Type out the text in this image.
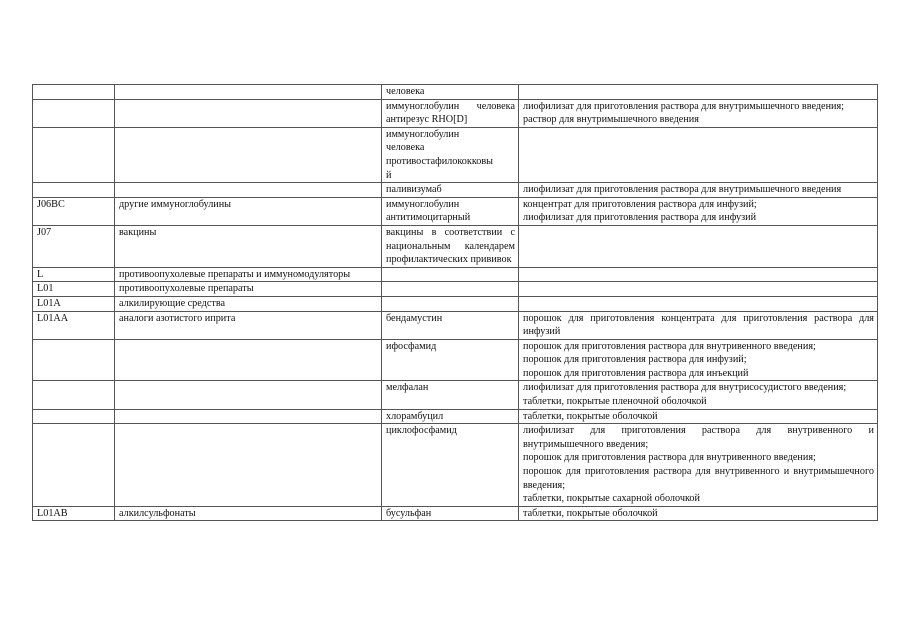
		человека	

		иммуноглобулин человека антирезус RHO[D]	лиофилизат для приготовления раствора для внутримышечного введения;
раствор для внутримышечного введения

		иммуноглобулин
человека
противостафилококковы
й	

		паливизумаб	лиофилизат для приготовления раствора для внутримышечного введения

J06BC	другие иммуноглобулины	иммуноглобулин
антитимоцитарный	концентрат для приготовления раствора для инфузий;
лиофилизат для приготовления раствора для инфузий

J07	вакцины	вакцины в соответствии с национальным календарем профилактических прививок	

L	противоопухолевые препараты и иммуномодуляторы		
L01	противоопухолевые препараты		
L01A	алкилирующие средства		
L01AA	аналоги азотистого иприта	бендамустин	порошок для приготовления концентрата для приготовления раствора для инфузий

		ифосфамид	порошок для приготовления раствора для внутривенного введения;
порошок для приготовления раствора для инфузий;
порошок для приготовления раствора для инъекций

		мелфалан	лиофилизат для приготовления раствора для внутрисосудистого введения;
таблетки, покрытые пленочной оболочкой

		хлорамбуцил	таблетки, покрытые оболочкой

		циклофосфамид	лиофилизат для приготовления раствора для внутривенного и внутримышечного введения;
порошок для приготовления раствора для внутривенного введения;
порошок для приготовления раствора для внутривенного и внутримышечного введения;
таблетки, покрытые сахарной оболочкой

L01AB	алкилсульфонаты	бусульфан	таблетки, покрытые оболочкой
